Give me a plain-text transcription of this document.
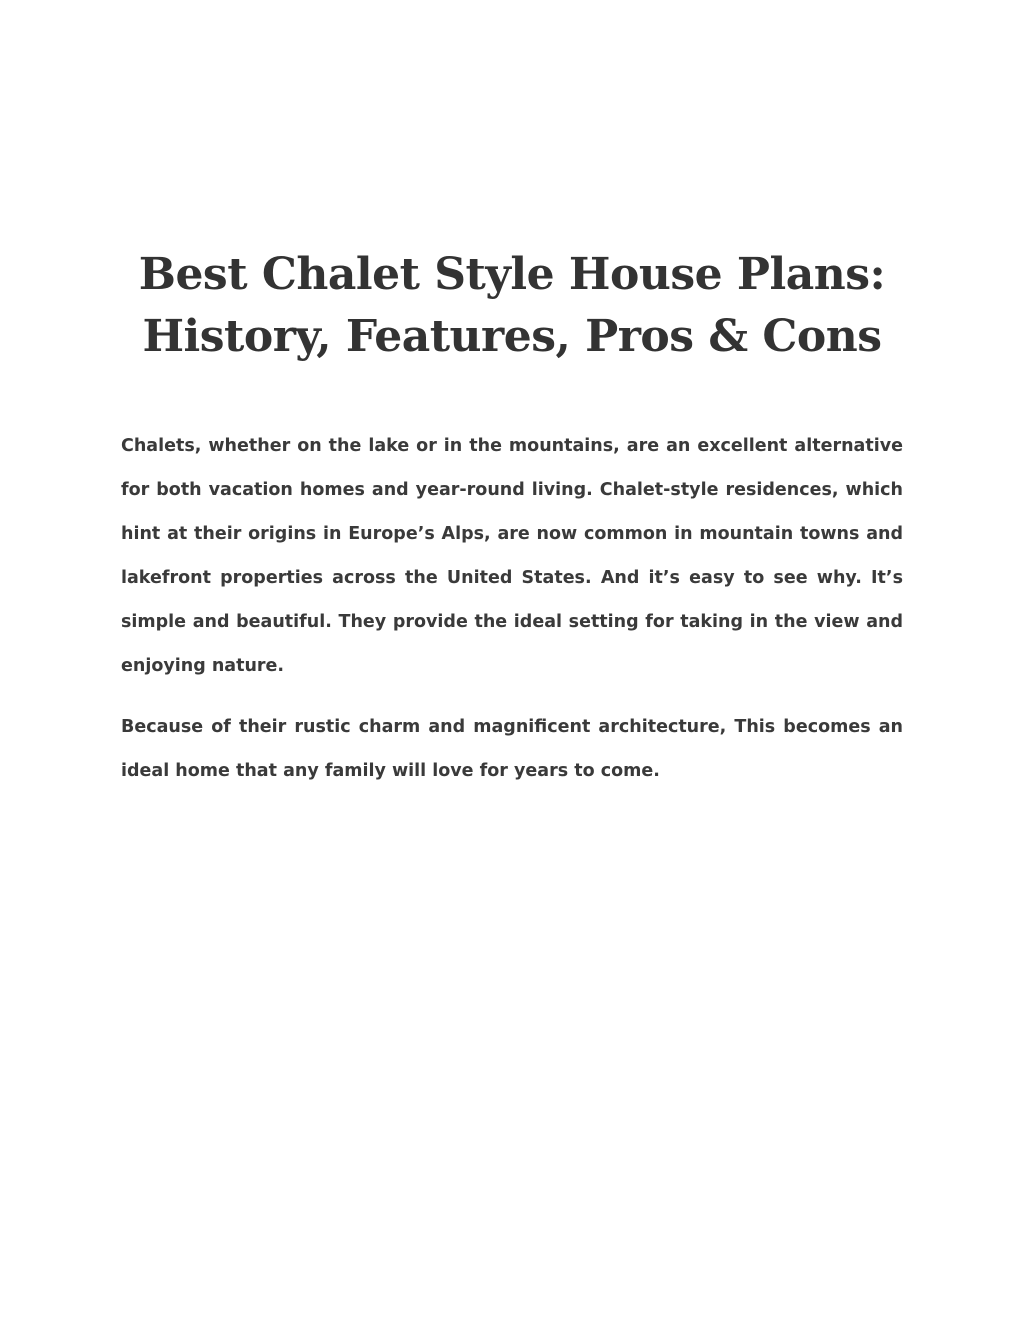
Best Chalet Style House Plans:
History, Features, Pros & Cons

Chalets, whether on the lake or in the mountains, are an excellent alternative for both vacation homes and year-round living. Chalet-style residences, which hint at their origins in Europe’s Alps, are now common in mountain towns and lakefront properties across the United States. And it’s easy to see why. It’s simple and beautiful. They provide the ideal setting for taking in the view and enjoying nature.

Because of their rustic charm and magnificent architecture, This becomes an ideal home that any family will love for years to come.
